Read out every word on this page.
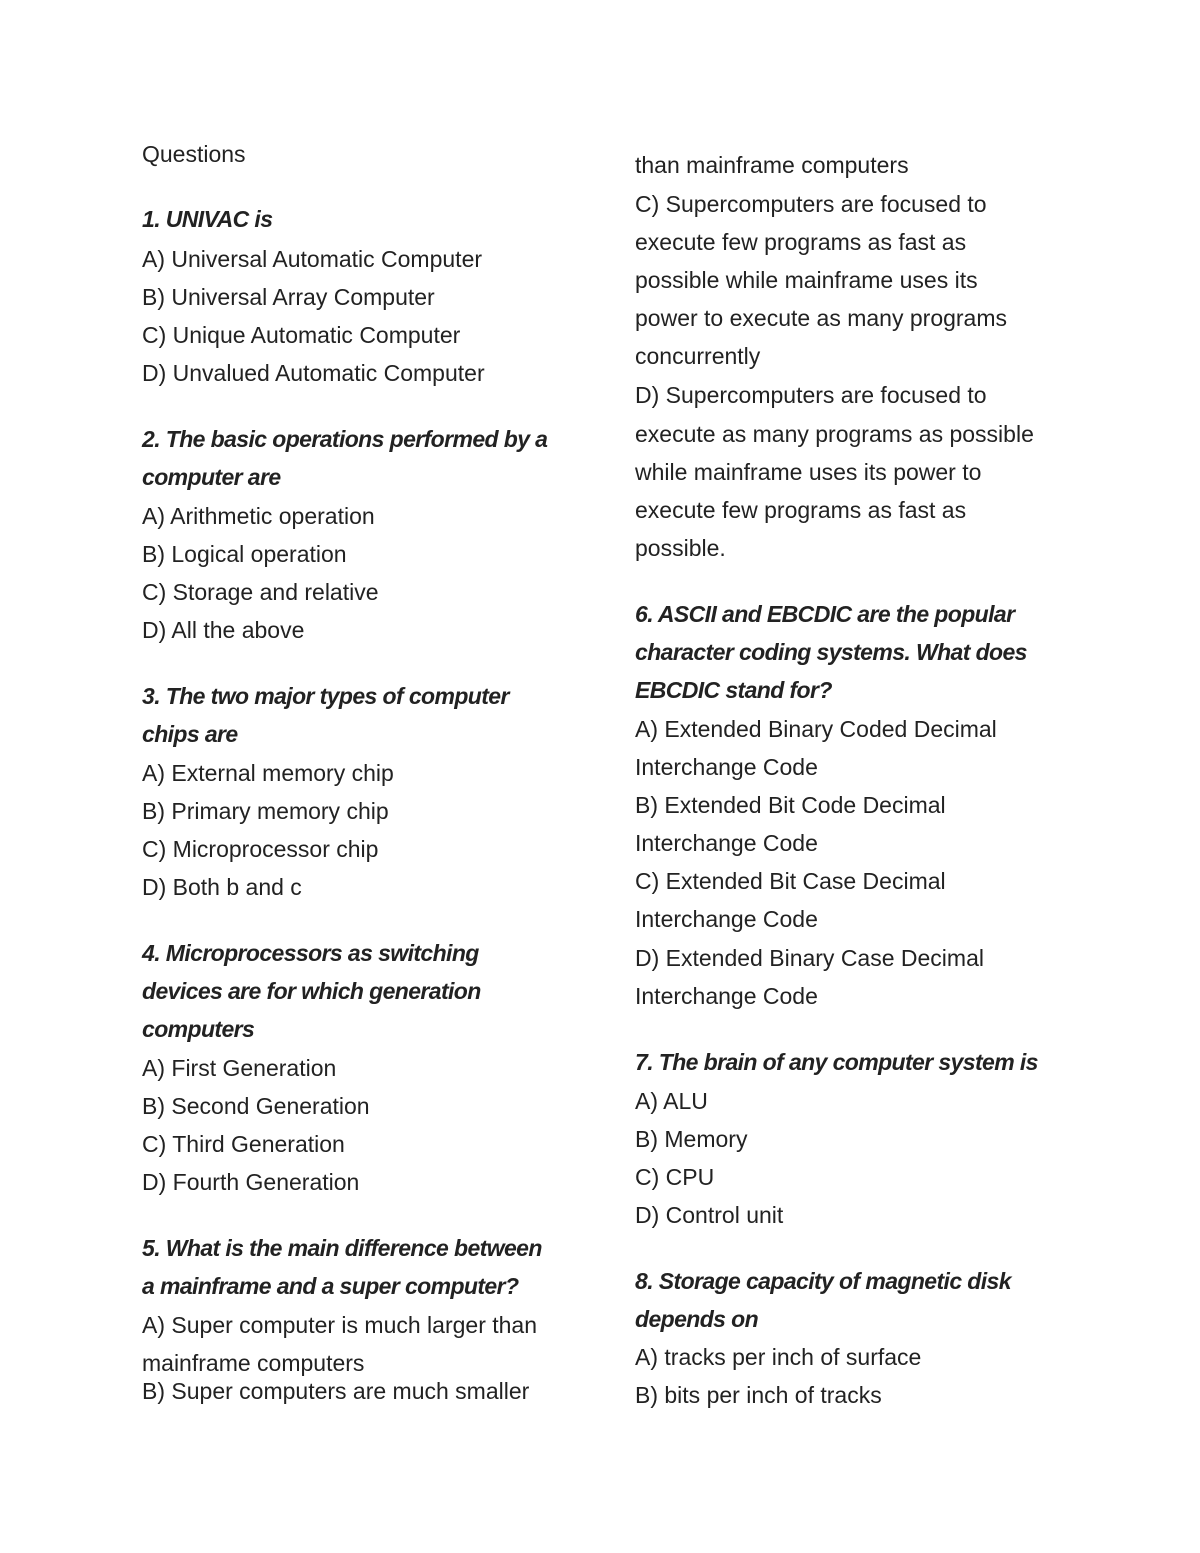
Questions
1. UNIVAC is
A) Universal Automatic Computer
B) Universal Array Computer
C) Unique Automatic Computer
D) Unvalued Automatic Computer
2. The basic operations performed by a
computer are
A) Arithmetic operation
B) Logical operation
C) Storage and relative
D) All the above
3. The two major types of computer
chips are
A) External memory chip
B) Primary memory chip
C) Microprocessor chip
D) Both b and c
4. Microprocessors as switching
devices are for which generation
computers
A) First Generation
B) Second Generation
C) Third Generation
D) Fourth Generation
5. What is the main difference between
a mainframe and a super computer?
A) Super computer is much larger than
mainframe computers
B) Super computers are much smaller
than mainframe computers
C) Supercomputers are focused to
execute few programs as fast as
possible while mainframe uses its
power to execute as many programs
concurrently
D) Supercomputers are focused to
execute as many programs as possible
while mainframe uses its power to
execute few programs as fast as
possible.
6. ASCII and EBCDIC are the popular
character coding systems. What does
EBCDIC stand for?
A) Extended Binary Coded Decimal
Interchange Code
B) Extended Bit Code Decimal
Interchange Code
C) Extended Bit Case Decimal
Interchange Code
D) Extended Binary Case Decimal
Interchange Code
7. The brain of any computer system is
A) ALU
B) Memory
C) CPU
D) Control unit
8. Storage capacity of magnetic disk
depends on
A) tracks per inch of surface
B) bits per inch of tracks
